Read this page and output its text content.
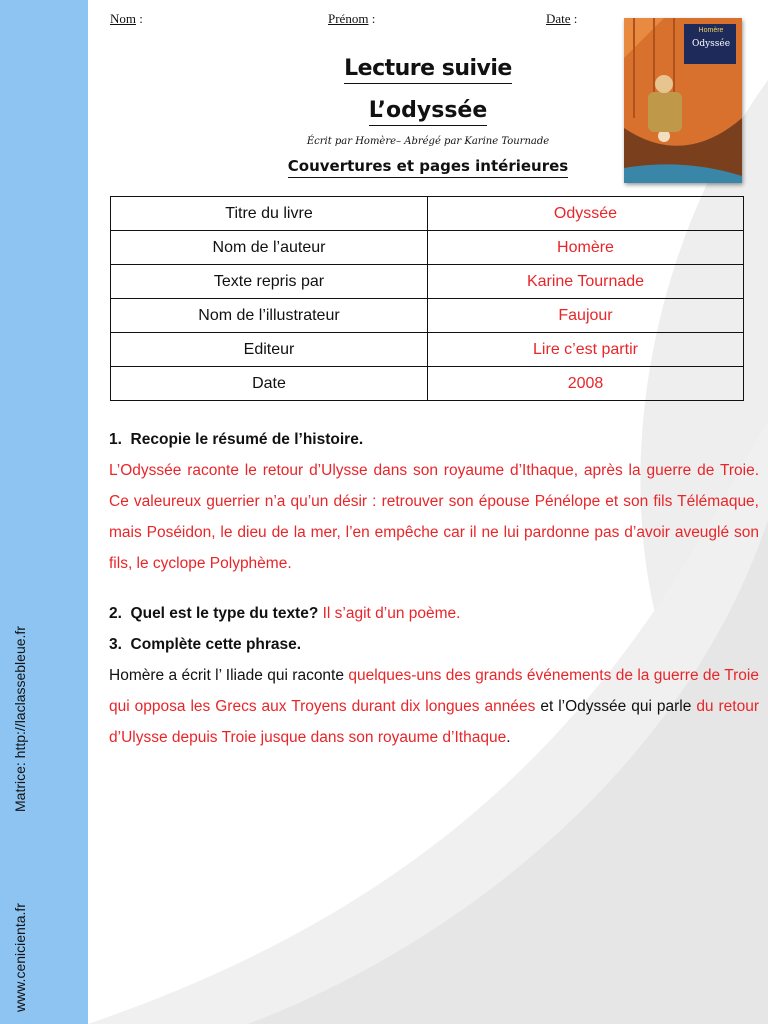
Matrice: http://laclassebleue.fr
www.cenicienta.fr
Nom :	Prénom :	Date :
Lecture suivie
L’odyssée
Écrit par Homère– Abrégé par Karine Tournade
Couvertures et pages intérieures
Homère
Odyssée
Titre du livre	Odyssée
Nom de l’auteur	Homère
Texte repris par	Karine Tournade
Nom de l’illustrateur	Faujour
Editeur	Lire c’est partir
Date	2008
1.  Recopie le résumé de l’histoire.
L’Odyssée raconte le retour d’Ulysse dans son royaume d’Ithaque, après la guerre de Troie. Ce valeureux guerrier n’a qu’un désir : retrouver son épouse Pénélope et son fils Télémaque, mais Poséidon, le dieu de la mer, l’en empêche car il ne lui pardonne pas d’avoir aveuglé son fils, le cyclope Polyphème.
2.  Quel est le type du texte? Il s’agit d’un poème.
3.  Complète cette phrase.
Homère a écrit l’ Iliade qui raconte quelques-uns des grands événements de la guerre de Troie qui opposa les Grecs aux Troyens durant dix longues années et l’Odyssée qui parle du retour d’Ulysse depuis Troie jusque dans son royaume d’Ithaque.
